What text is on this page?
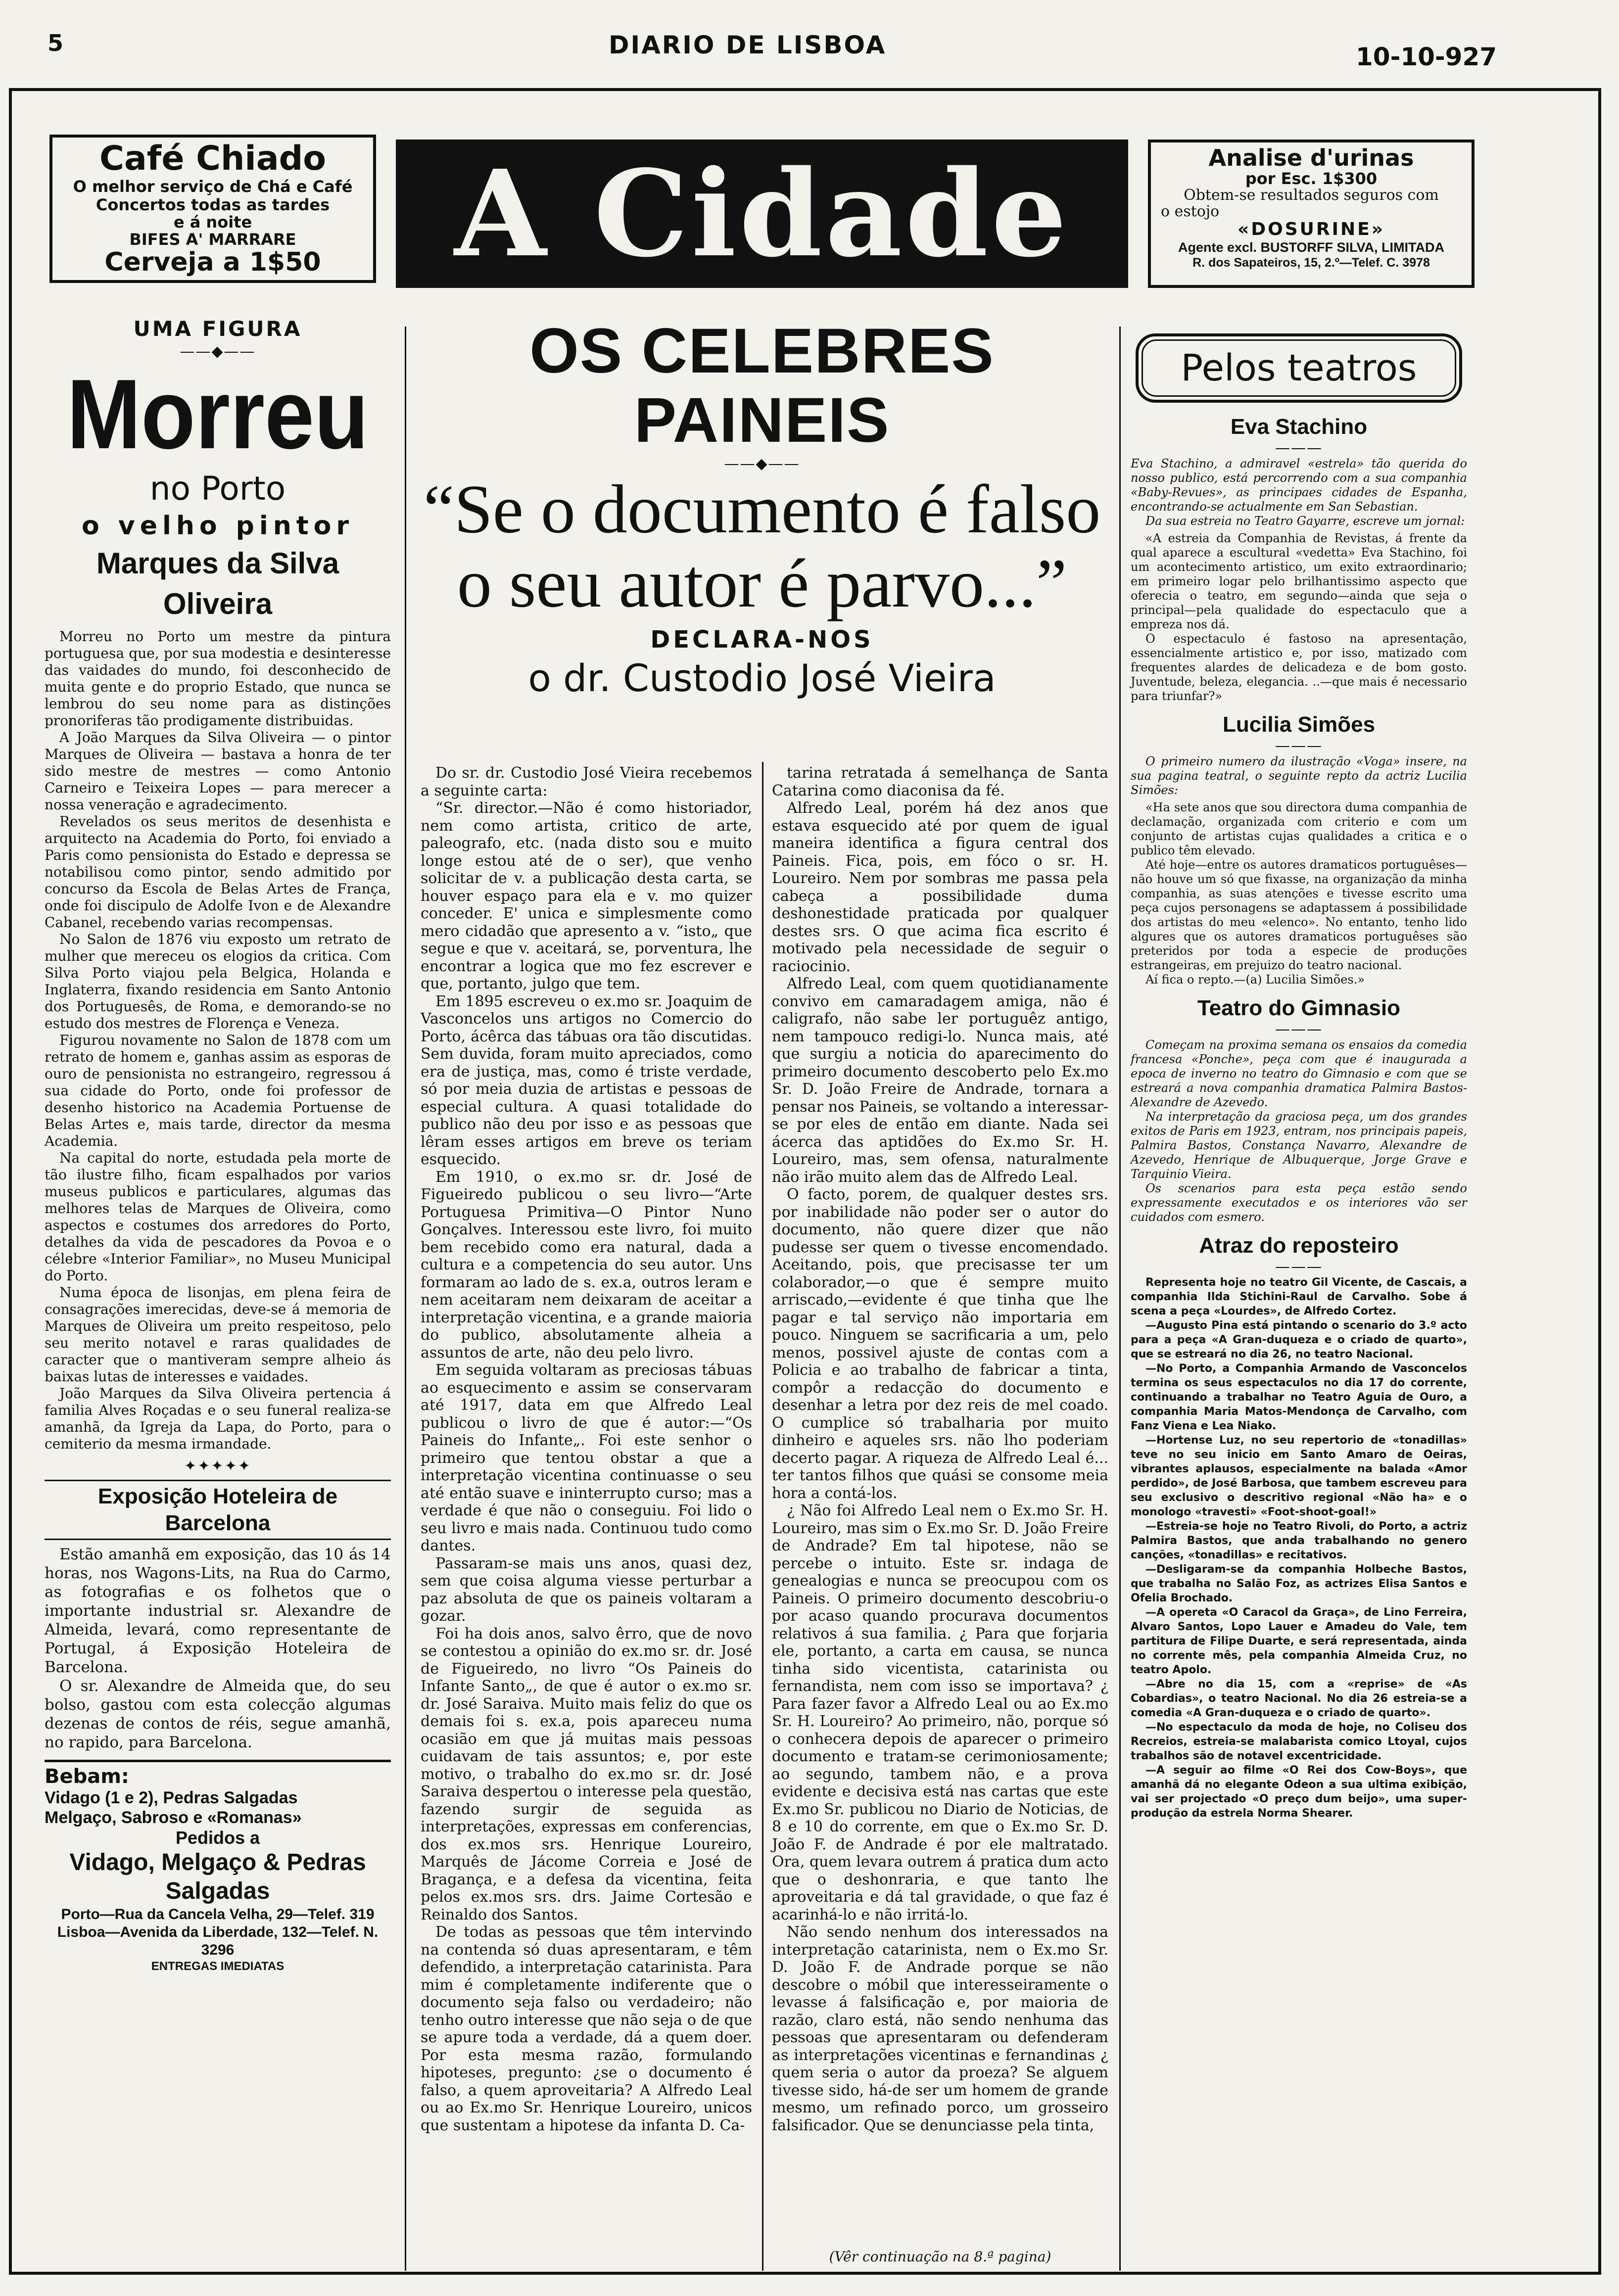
5	DIARIO DE LISBOA	10-10-927
Café Chiado
O melhor serviço de Chá e Café
Concertos todas as tardes
e á noite
BIFES A' MARRARE
Cerveja a 1$50	A Cidade	Analise d'urinas
por Esc. 1$300
Obtem-se resultados seguros com
o estojo
«DOSURINE»
Agente excl. BUSTORFF SILVA, LIMITADA
R. dos Sapateiros, 15, 2.º—Telef. C. 3978
UMA FIGURA
——◆——
Morreu
no Porto
o velho pintor
Marques da Silva Oliveira

Morreu no Porto um mestre da pintura portuguesa que, por sua modestia e desinteresse das vaidades do mundo, foi desconhecido de muita gente e do proprio Estado, que nunca se lembrou do seu nome para as distinções pronoriferas tão prodigamente distribuidas.

A João Marques da Silva Oliveira — o pintor Marques de Oliveira — bastava a honra de ter sido mestre de mestres — como Antonio Carneiro e Teixeira Lopes — para merecer a nossa veneração e agradecimento.

Revelados os seus meritos de desenhista e arquitecto na Academia do Porto, foi enviado a Paris como pensionista do Estado e depressa se notabilisou como pintor, sendo admitido por concurso da Escola de Belas Artes de França, onde foi discipulo de Adolfe Ivon e de Alexandre Cabanel, recebendo varias recompensas.

No Salon de 1876 viu exposto um retrato de mulher que mereceu os elogios da critica. Com Silva Porto viajou pela Belgica, Holanda e Inglaterra, fixando residencia em Santo Antonio dos Portuguesês, de Roma, e demorando-se no estudo dos mestres de Florença e Veneza.

Figurou novamente no Salon de 1878 com um retrato de homem e, ganhas assim as esporas de ouro de pensionista no estrangeiro, regressou á sua cidade do Porto, onde foi professor de desenho historico na Academia Portuense de Belas Artes e, mais tarde, director da mesma Academia.

Na capital do norte, estudada pela morte de tão ilustre filho, ficam espalhados por varios museus publicos e particulares, algumas das melhores telas de Marques de Oliveira, como aspectos e costumes dos arredores do Porto, detalhes da vida de pescadores da Povoa e o célebre «Interior Familiar», no Museu Municipal do Porto.

Numa época de lisonjas, em plena feira de consagrações imerecidas, deve-se á memoria de Marques de Oliveira um preito respeitoso, pelo seu merito notavel e raras qualidades de caracter que o mantiveram sempre alheio ás baixas lutas de interesses e vaidades.

João Marques da Silva Oliveira pertencia á familia Alves Roçadas e o seu funeral realiza-se amanhã, da Igreja da Lapa, do Porto, para o cemiterio da mesma irmandade.

✦✦✦✦✦
Exposição Hoteleira de Barcelona

Estão amanhã em exposição, das 10 ás 14 horas, nos Wagons-Lits, na Rua do Carmo, as fotografias e os folhetos que o importante industrial sr. Alexandre de Almeida, levará, como representante de Portugal, á Exposição Hoteleira de Barcelona.

O sr. Alexandre de Almeida que, do seu bolso, gastou com esta colecção algumas dezenas de contos de réis, segue amanhã, no rapido, para Barcelona.

Bebam:
Vidago (1 e 2), Pedras Salgadas
Melgaço, Sabroso e «Romanas»
Pedidos a
Vidago, Melgaço & Pedras Salgadas
Porto—Rua da Cancela Velha, 29—Telef. 319
Lisboa—Avenida da Liberdade, 132—Telef. N. 3296
ENTREGAS IMEDIATAS
OS CELEBRES PAINEIS
——◆——
“Se o documento é falso
o seu autor é parvo...”
DECLARA-NOS
o dr. Custodio José Vieira

Do sr. dr. Custodio José Vieira recebemos a seguinte carta:

“Sr. director.—Não é como historiador, nem como artista, critico de arte, paleografo, etc. (nada disto sou e muito longe estou até de o ser), que venho solicitar de v. a publicação desta carta, se houver espaço para ela e v. mo quizer conceder. E' unica e simplesmente como mero cidadão que apresento a v. “isto„ que segue e que v. aceitará, se, porventura, lhe encontrar a logica que mo fez escrever e que, portanto, julgo que tem.

Em 1895 escreveu o ex.mo sr. Joaquim de Vasconcelos uns artigos no Comercio do Porto, ácêrca das tábuas ora tão discutidas. Sem duvida, foram muito apreciados, como era de justiça, mas, como é triste verdade, só por meia duzia de artistas e pessoas de especial cultura. A quasi totalidade do publico não deu por isso e as pessoas que lêram esses artigos em breve os teriam esquecido.

Em 1910, o ex.mo sr. dr. José de Figueiredo publicou o seu livro—“Arte Portuguesa Primitiva—O Pintor Nuno Gonçalves. Interessou este livro, foi muito bem recebido como era natural, dada a cultura e a competencia do seu autor. Uns formaram ao lado de s. ex.a, outros leram e nem aceitaram nem deixaram de aceitar a interpretação vicentina, e a grande maioria do publico, absolutamente alheia a assuntos de arte, não deu pelo livro.

Em seguida voltaram as preciosas tábuas ao esquecimento e assim se conservaram até 1917, data em que Alfredo Leal publicou o livro de que é autor:—“Os Paineis do Infante„. Foi este senhor o primeiro que tentou obstar a que a interpretação vicentina continuasse o seu até então suave e ininterrupto curso; mas a verdade é que não o conseguiu. Foi lido o seu livro e mais nada. Continuou tudo como dantes.

Passaram-se mais uns anos, quasi dez, sem que coisa alguma viesse perturbar a paz absoluta de que os paineis voltaram a gozar.

Foi ha dois anos, salvo êrro, que de novo se contestou a opinião do ex.mo sr. dr. José de Figueiredo, no livro “Os Paineis do Infante Santo„, de que é autor o ex.mo sr. dr. José Saraiva. Muito mais feliz do que os demais foi s. ex.a, pois apareceu numa ocasião em que já muitas mais pessoas cuidavam de tais assuntos; e, por este motivo, o trabalho do ex.mo sr. dr. José Saraiva despertou o interesse pela questão, fazendo surgir de seguida as interpretações, expressas em conferencias, dos ex.mos srs. Henrique Loureiro, Marquês de Jácome Correia e José de Bragança, e a defesa da vicentina, feita pelos ex.mos srs. drs. Jaime Cortesão e Reinaldo dos Santos.

De todas as pessoas que têm intervindo na contenda só duas apresentaram, e têm defendido, a interpretação catarinista. Para mim é completamente indiferente que o documento seja falso ou verdadeiro; não tenho outro interesse que não seja o de que se apure toda a verdade, dá a quem doer. Por esta mesma razão, formulando hipoteses, pregunto: ¿se o documento é falso, a quem aproveitaria? A Alfredo Leal ou ao Ex.mo Sr. Henrique Loureiro, unicos que sustentam a hipotese da infanta D. Ca-

tarina retratada á semelhança de Santa Catarina como diaconisa da fé.

Alfredo Leal, porém há dez anos que estava esquecido até por quem de igual maneira identifica a figura central dos Paineis. Fica, pois, em fóco o sr. H. Loureiro. Nem por sombras me passa pela cabeça a possibilidade duma deshonestidade praticada por qualquer destes srs. O que acima fica escrito é motivado pela necessidade de seguir o raciocinio.

Alfredo Leal, com quem quotidianamente convivo em camaradagem amiga, não é caligrafo, não sabe ler portuguêz antigo, nem tampouco redigi-lo. Nunca mais, até que surgiu a noticia do aparecimento do primeiro documento descoberto pelo Ex.mo Sr. D. João Freire de Andrade, tornara a pensar nos Paineis, se voltando a interessar-se por eles de então em diante. Nada sei ácerca das aptidões do Ex.mo Sr. H. Loureiro, mas, sem ofensa, naturalmente não irão muito alem das de Alfredo Leal.

O facto, porem, de qualquer destes srs. por inabilidade não poder ser o autor do documento, não quere dizer que não pudesse ser quem o tivesse encomendado. Aceitando, pois, que precisasse ter um colaborador,—o que é sempre muito arriscado,—evidente é que tinha que lhe pagar e tal serviço não importaria em pouco. Ninguem se sacrificaria a um, pelo menos, possivel ajuste de contas com a Policia e ao trabalho de fabricar a tinta, compôr a redacção do documento e desenhar a letra por dez reis de mel coado. O cumplice só trabalharia por muito dinheiro e aqueles srs. não lho poderiam decerto pagar. A riqueza de Alfredo Leal é... ter tantos filhos que quási se consome meia hora a contá-los.

¿ Não foi Alfredo Leal nem o Ex.mo Sr. H. Loureiro, mas sim o Ex.mo Sr. D. João Freire de Andrade? Em tal hipotese, não se percebe o intuito. Este sr. indaga de genealogias e nunca se preocupou com os Paineis. O primeiro documento descobriu-o por acaso quando procurava documentos relativos á sua familia. ¿ Para que forjaria ele, portanto, a carta em causa, se nunca tinha sido vicentista, catarinista ou fernandista, nem com isso se importava? ¿ Para fazer favor a Alfredo Leal ou ao Ex.mo Sr. H. Loureiro? Ao primeiro, não, porque só o conhecera depois de aparecer o primeiro documento e tratam-se cerimoniosamente; ao segundo, tambem não, e a prova evidente e decisiva está nas cartas que este Ex.mo Sr. publicou no Diario de Noticias, de 8 e 10 do corrente, em que o Ex.mo Sr. D. João F. de Andrade é por ele maltratado. Ora, quem levara outrem á pratica dum acto que o deshonraria, e que tanto lhe aproveitaria e dá tal gravidade, o que faz é acarinhá-lo e não irritá-lo.

Não sendo nenhum dos interessados na interpretação catarinista, nem o Ex.mo Sr. D. João F. de Andrade porque se não descobre o móbil que interesseiramente o levasse á falsificação e, por maioria de razão, claro está, não sendo nenhuma das pessoas que apresentaram ou defenderam as interpretações vicentinas e fernandinas ¿ quem seria o autor da proeza? Se alguem tivesse sido, há-de ser um homem de grande mesmo, um refinado porco, um grosseiro falsificador. Que se denunciasse pela tinta,

(Vêr continuação na 8.ª pagina)
Pelos teatros
Eva Stachino
———

Eva Stachino, a admiravel «estrela» tão querida do nosso publico, está percorrendo com a sua companhia «Baby-Revues», as principaes cidades de Espanha, encontrando-se actualmente em San Sebastian.

Da sua estreia no Teatro Gayarre, escreve um jornal:

«A estreia da Companhia de Revistas, á frente da qual aparece a escultural «vedetta» Eva Stachino, foi um acontecimento artistico, um exito extraordinario; em primeiro logar pelo brilhantissimo aspecto que oferecia o teatro, em segundo—ainda que seja o principal—pela qualidade do espectaculo que a empreza nos dá.

O espectaculo é fastoso na apresentação, essencialmente artistico e, por isso, matizado com frequentes alardes de delicadeza e de bom gosto. Juventude, beleza, elegancia. ..—que mais é necessario para triunfar?»

Lucilia Simões
———

O primeiro numero da ilustração «Voga» insere, na sua pagina teatral, o seguinte repto da actriz Lucilia Simões:

«Ha sete anos que sou directora duma companhia de declamação, organizada com criterio e com um conjunto de artistas cujas qualidades a critica e o publico têm elevado.

Até hoje—entre os autores dramaticos portuguêses—não houve um só que fixasse, na organização da minha companhia, as suas atenções e tivesse escrito uma peça cujos personagens se adaptassem á possibilidade dos artistas do meu «elenco». No entanto, tenho lido algures que os autores dramaticos portuguêses são preteridos por toda a especie de produções estrangeiras, em prejuizo do teatro nacional.

Aí fica o repto.—(a) Lucilia Simões.»

Teatro do Gimnasio
———

Começam na proxima semana os ensaios da comedia francesa «Ponche», peça com que é inaugurada a epoca de inverno no teatro do Gimnasio e com que se estreará a nova companhia dramatica Palmira Bastos-Alexandre de Azevedo.

Na interpretação da graciosa peça, um dos grandes exitos de Paris em 1923, entram, nos principais papeis, Palmira Bastos, Constança Navarro, Alexandre de Azevedo, Henrique de Albuquerque, Jorge Grave e Tarquinio Vieira.

Os scenarios para esta peça estão sendo expressamente executados e os interiores vão ser cuidados com esmero.

Atraz do reposteiro
———

Representa hoje no teatro Gil Vicente, de Cascais, a companhia Ilda Stichini-Raul de Carvalho. Sobe á scena a peça «Lourdes», de Alfredo Cortez.

—Augusto Pina está pintando o scenario do 3.º acto para a peça «A Gran-duqueza e o criado de quarto», que se estreará no dia 26, no teatro Nacional.

—No Porto, a Companhia Armando de Vasconcelos termina os seus espectaculos no dia 17 do corrente, continuando a trabalhar no Teatro Aguia de Ouro, a companhia Maria Matos-Mendonça de Carvalho, com Fanz Viena e Lea Niako.

—Hortense Luz, no seu repertorio de «tonadillas» teve no seu inicio em Santo Amaro de Oeiras, vibrantes aplausos, especialmente na balada «Amor perdido», de José Barbosa, que tambem escreveu para seu exclusivo o descritivo regional «Não ha» e o monologo «travesti» «Foot-shoot-goal!»

—Estreia-se hoje no Teatro Rivoli, do Porto, a actriz Palmira Bastos, que anda trabalhando no genero canções, «tonadillas» e recitativos.

—Desligaram-se da companhia Holbeche Bastos, que trabalha no Salão Foz, as actrizes Elisa Santos e Ofelia Brochado.

—A opereta «O Caracol da Graça», de Lino Ferreira, Alvaro Santos, Lopo Lauer e Amadeu do Vale, tem partitura de Filipe Duarte, e será representada, ainda no corrente mês, pela companhia Almeida Cruz, no teatro Apolo.

—Abre no dia 15, com a «reprise» de «As Cobardias», o teatro Nacional. No dia 26 estreia-se a comedia «A Gran-duqueza e o criado de quarto».

—No espectaculo da moda de hoje, no Coliseu dos Recreios, estreia-se malabarista comico Ltoyal, cujos trabalhos são de notavel excentricidade.

—A seguir ao filme «O Rei dos Cow-Boys», que amanhã dá no elegante Odeon a sua ultima exibição, vai ser projectado «O preço dum beijo», uma super-produção da estrela Norma Shearer.
